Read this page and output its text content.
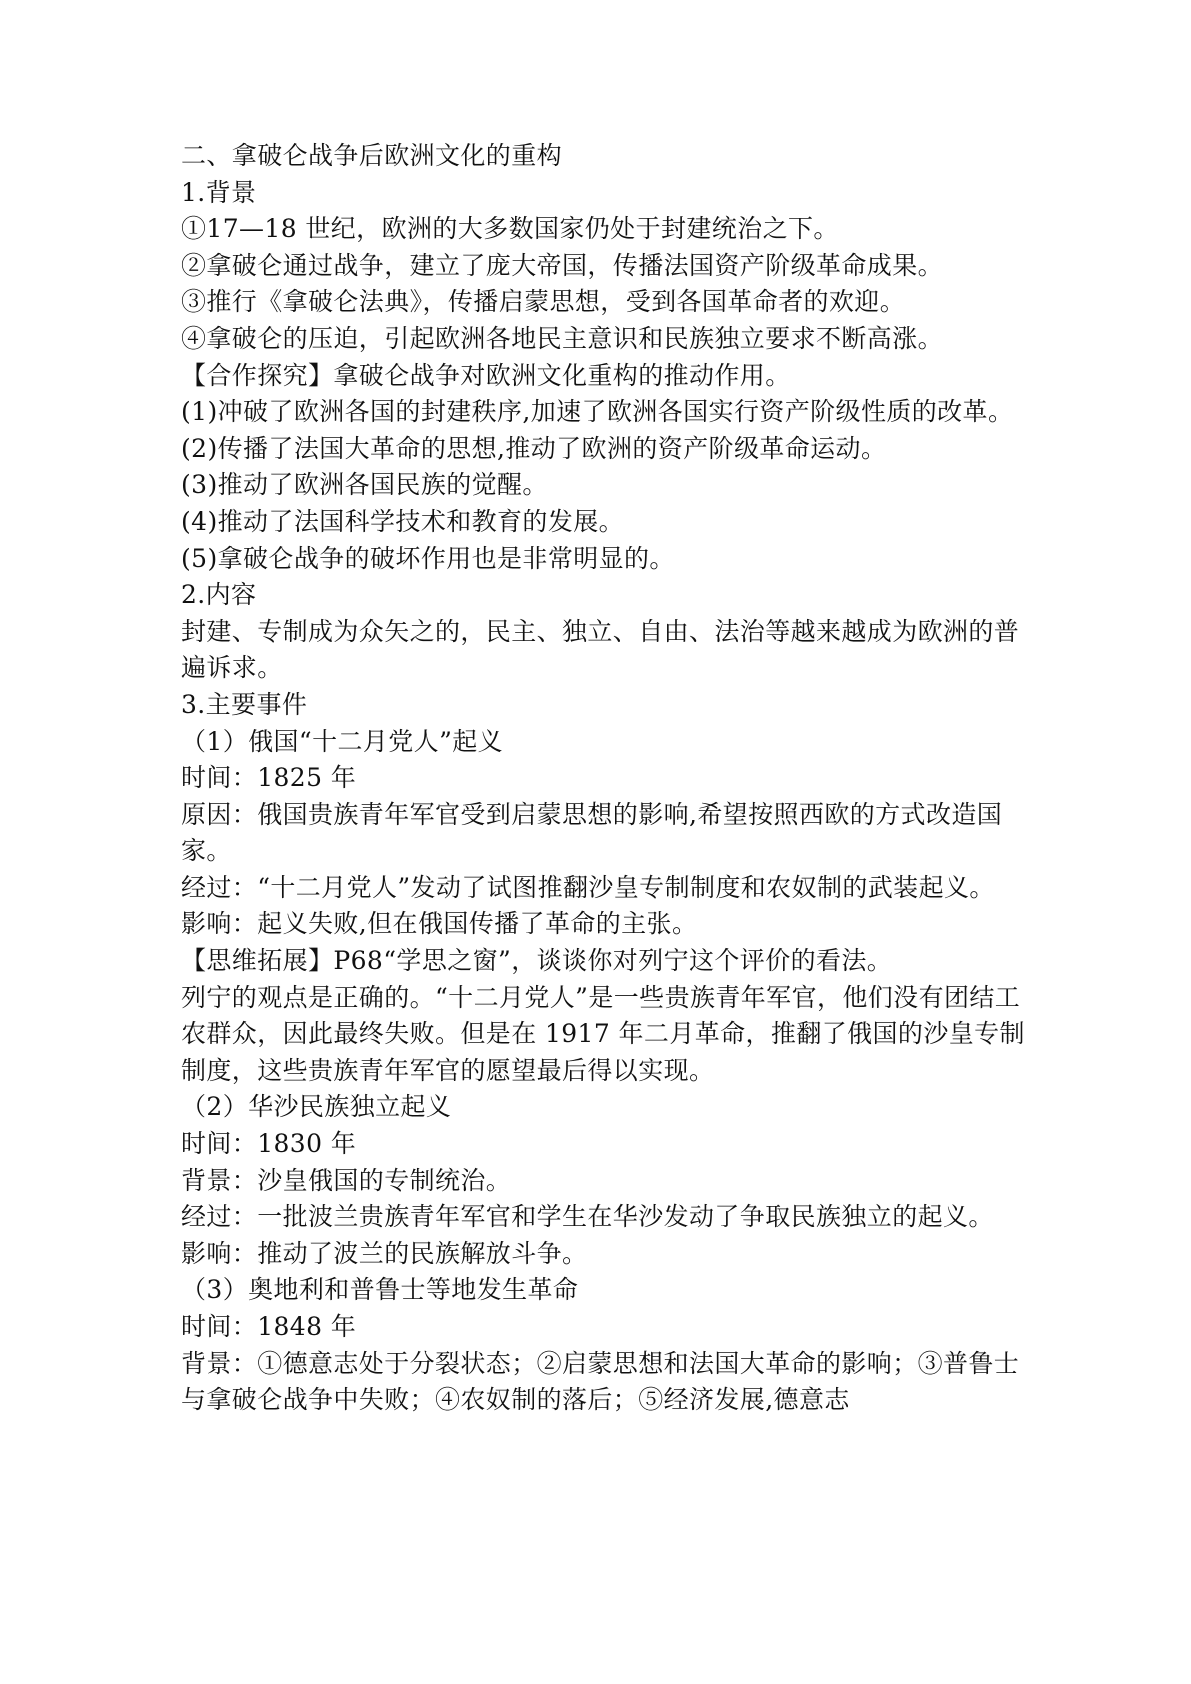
二、拿破仑战争后欧洲文化的重构

1.背景

①17—18 世纪，欧洲的大多数国家仍处于封建统治之下。

②拿破仑通过战争，建立了庞大帝国，传播法国资产阶级革命成果。

③推行《拿破仑法典》，传播启蒙思想，受到各国革命者的欢迎。

④拿破仑的压迫，引起欧洲各地民主意识和民族独立要求不断高涨。

【合作探究】拿破仑战争对欧洲文化重构的推动作用。

(1)冲破了欧洲各国的封建秩序,加速了欧洲各国实行资产阶级性质的改革。

(2)传播了法国大革命的思想,推动了欧洲的资产阶级革命运动。

(3)推动了欧洲各国民族的觉醒。

(4)推动了法国科学技术和教育的发展。

(5)拿破仑战争的破坏作用也是非常明显的。

2.内容

封建、专制成为众矢之的，民主、独立、自由、法治等越来越成为欧洲的普遍诉求。

3.主要事件

（1）俄国“十二月党人”起义

时间：1825 年

原因：俄国贵族青年军官受到启蒙思想的影响,希望按照西欧的方式改造国家。

经过：“十二月党人”发动了试图推翻沙皇专制制度和农奴制的武装起义。

影响：起义失败,但在俄国传播了革命的主张。

【思维拓展】P68“学思之窗”，谈谈你对列宁这个评价的看法。

列宁的观点是正确的。“十二月党人”是一些贵族青年军官，他们没有团结工农群众，因此最终失败。但是在 1917 年二月革命，推翻了俄国的沙皇专制制度，这些贵族青年军官的愿望最后得以实现。

（2）华沙民族独立起义

时间：1830 年

背景：沙皇俄国的专制统治。

经过：一批波兰贵族青年军官和学生在华沙发动了争取民族独立的起义。

影响：推动了波兰的民族解放斗争。

（3）奥地利和普鲁士等地发生革命

时间：1848 年

背景：①德意志处于分裂状态；②启蒙思想和法国大革命的影响；③普鲁士与拿破仑战争中失败；④农奴制的落后；⑤经济发展,德意志
